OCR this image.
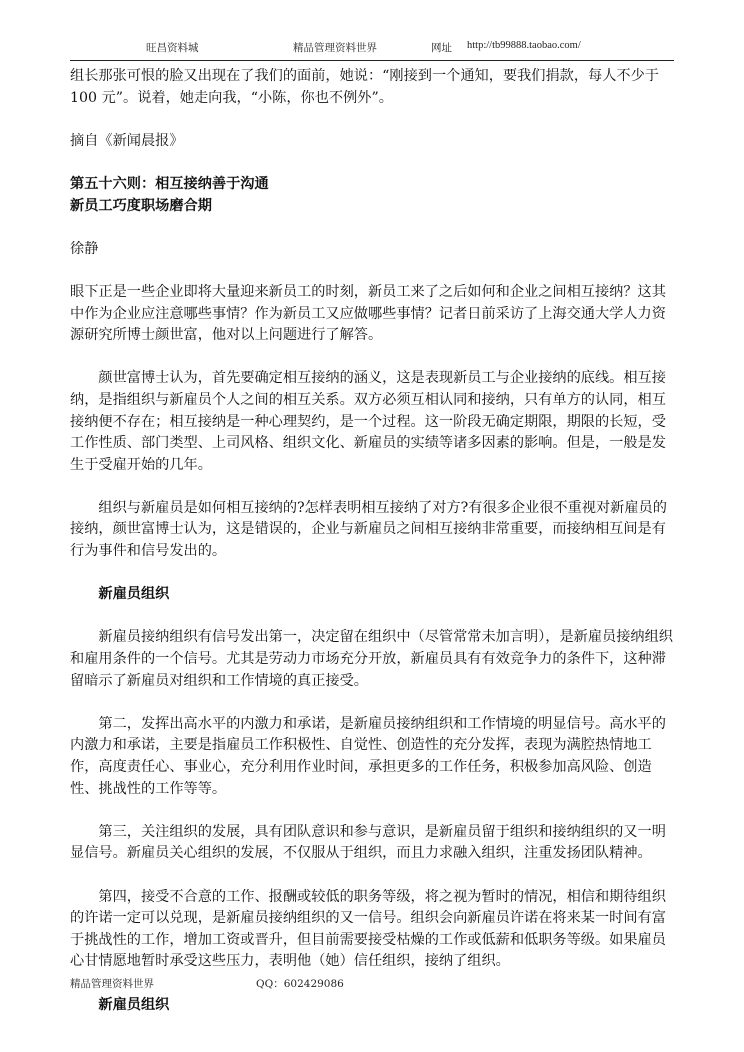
旺昌资料城	精品管理资料世界	网址 http://tb99888.taobao.com/

组长那张可恨的脸又出现在了我们的面前，她说：“刚接到一个通知，要我们捐款，每人不少于 100 元”。说着，她走向我，“小陈，你也不例外”。

摘自《新闻晨报》

第五十六则：相互接纳善于沟通

新员工巧度职场磨合期

徐静

眼下正是一些企业即将大量迎来新员工的时刻，新员工来了之后如何和企业之间相互接纳？这其中作为企业应注意哪些事情？作为新员工又应做哪些事情？记者日前采访了上海交通大学人力资源研究所博士颜世富，他对以上问题进行了解答。

颜世富博士认为，首先要确定相互接纳的涵义，这是表现新员工与企业接纳的底线。相互接纳，是指组织与新雇员个人之间的相互关系。双方必须互相认同和接纳，只有单方的认同，相互接纳便不存在；相互接纳是一种心理契约，是一个过程。这一阶段无确定期限，期限的长短，受工作性质、部门类型、上司风格、组织文化、新雇员的实绩等诸多因素的影响。但是，一般是发生于受雇开始的几年。

组织与新雇员是如何相互接纳的?怎样表明相互接纳了对方?有很多企业很不重视对新雇员的接纳，颜世富博士认为，这是错误的，企业与新雇员之间相互接纳非常重要，而接纳相互间是有行为事件和信号发出的。

新雇员组织

新雇员接纳组织有信号发出第一，决定留在组织中（尽管常常未加言明），是新雇员接纳组织和雇用条件的一个信号。尤其是劳动力市场充分开放，新雇员具有有效竞争力的条件下，这种滞留暗示了新雇员对组织和工作情境的真正接受。

第二，发挥出高水平的内激力和承诺，是新雇员接纳组织和工作情境的明显信号。高水平的内激力和承诺，主要是指雇员工作积极性、自觉性、创造性的充分发挥，表现为满腔热情地工作，高度责任心、事业心，充分利用作业时间，承担更多的工作任务，积极参加高风险、创造性、挑战性的工作等等。

第三，关注组织的发展，具有团队意识和参与意识，是新雇员留于组织和接纳组织的又一明显信号。新雇员关心组织的发展，不仅服从于组织，而且力求融入组织，注重发扬团队精神。

第四，接受不合意的工作、报酬或较低的职务等级，将之视为暂时的情况，相信和期待组织的许诺一定可以兑现，是新雇员接纳组织的又一信号。组织会向新雇员许诺在将来某一时间有富于挑战性的工作，增加工资或晋升，但目前需要接受枯燥的工作或低薪和低职务等级。如果雇员心甘情愿地暂时承受这些压力，表明他（她）信任组织，接纳了组织。

新雇员组织

精品管理资料世界	QQ：602429086
